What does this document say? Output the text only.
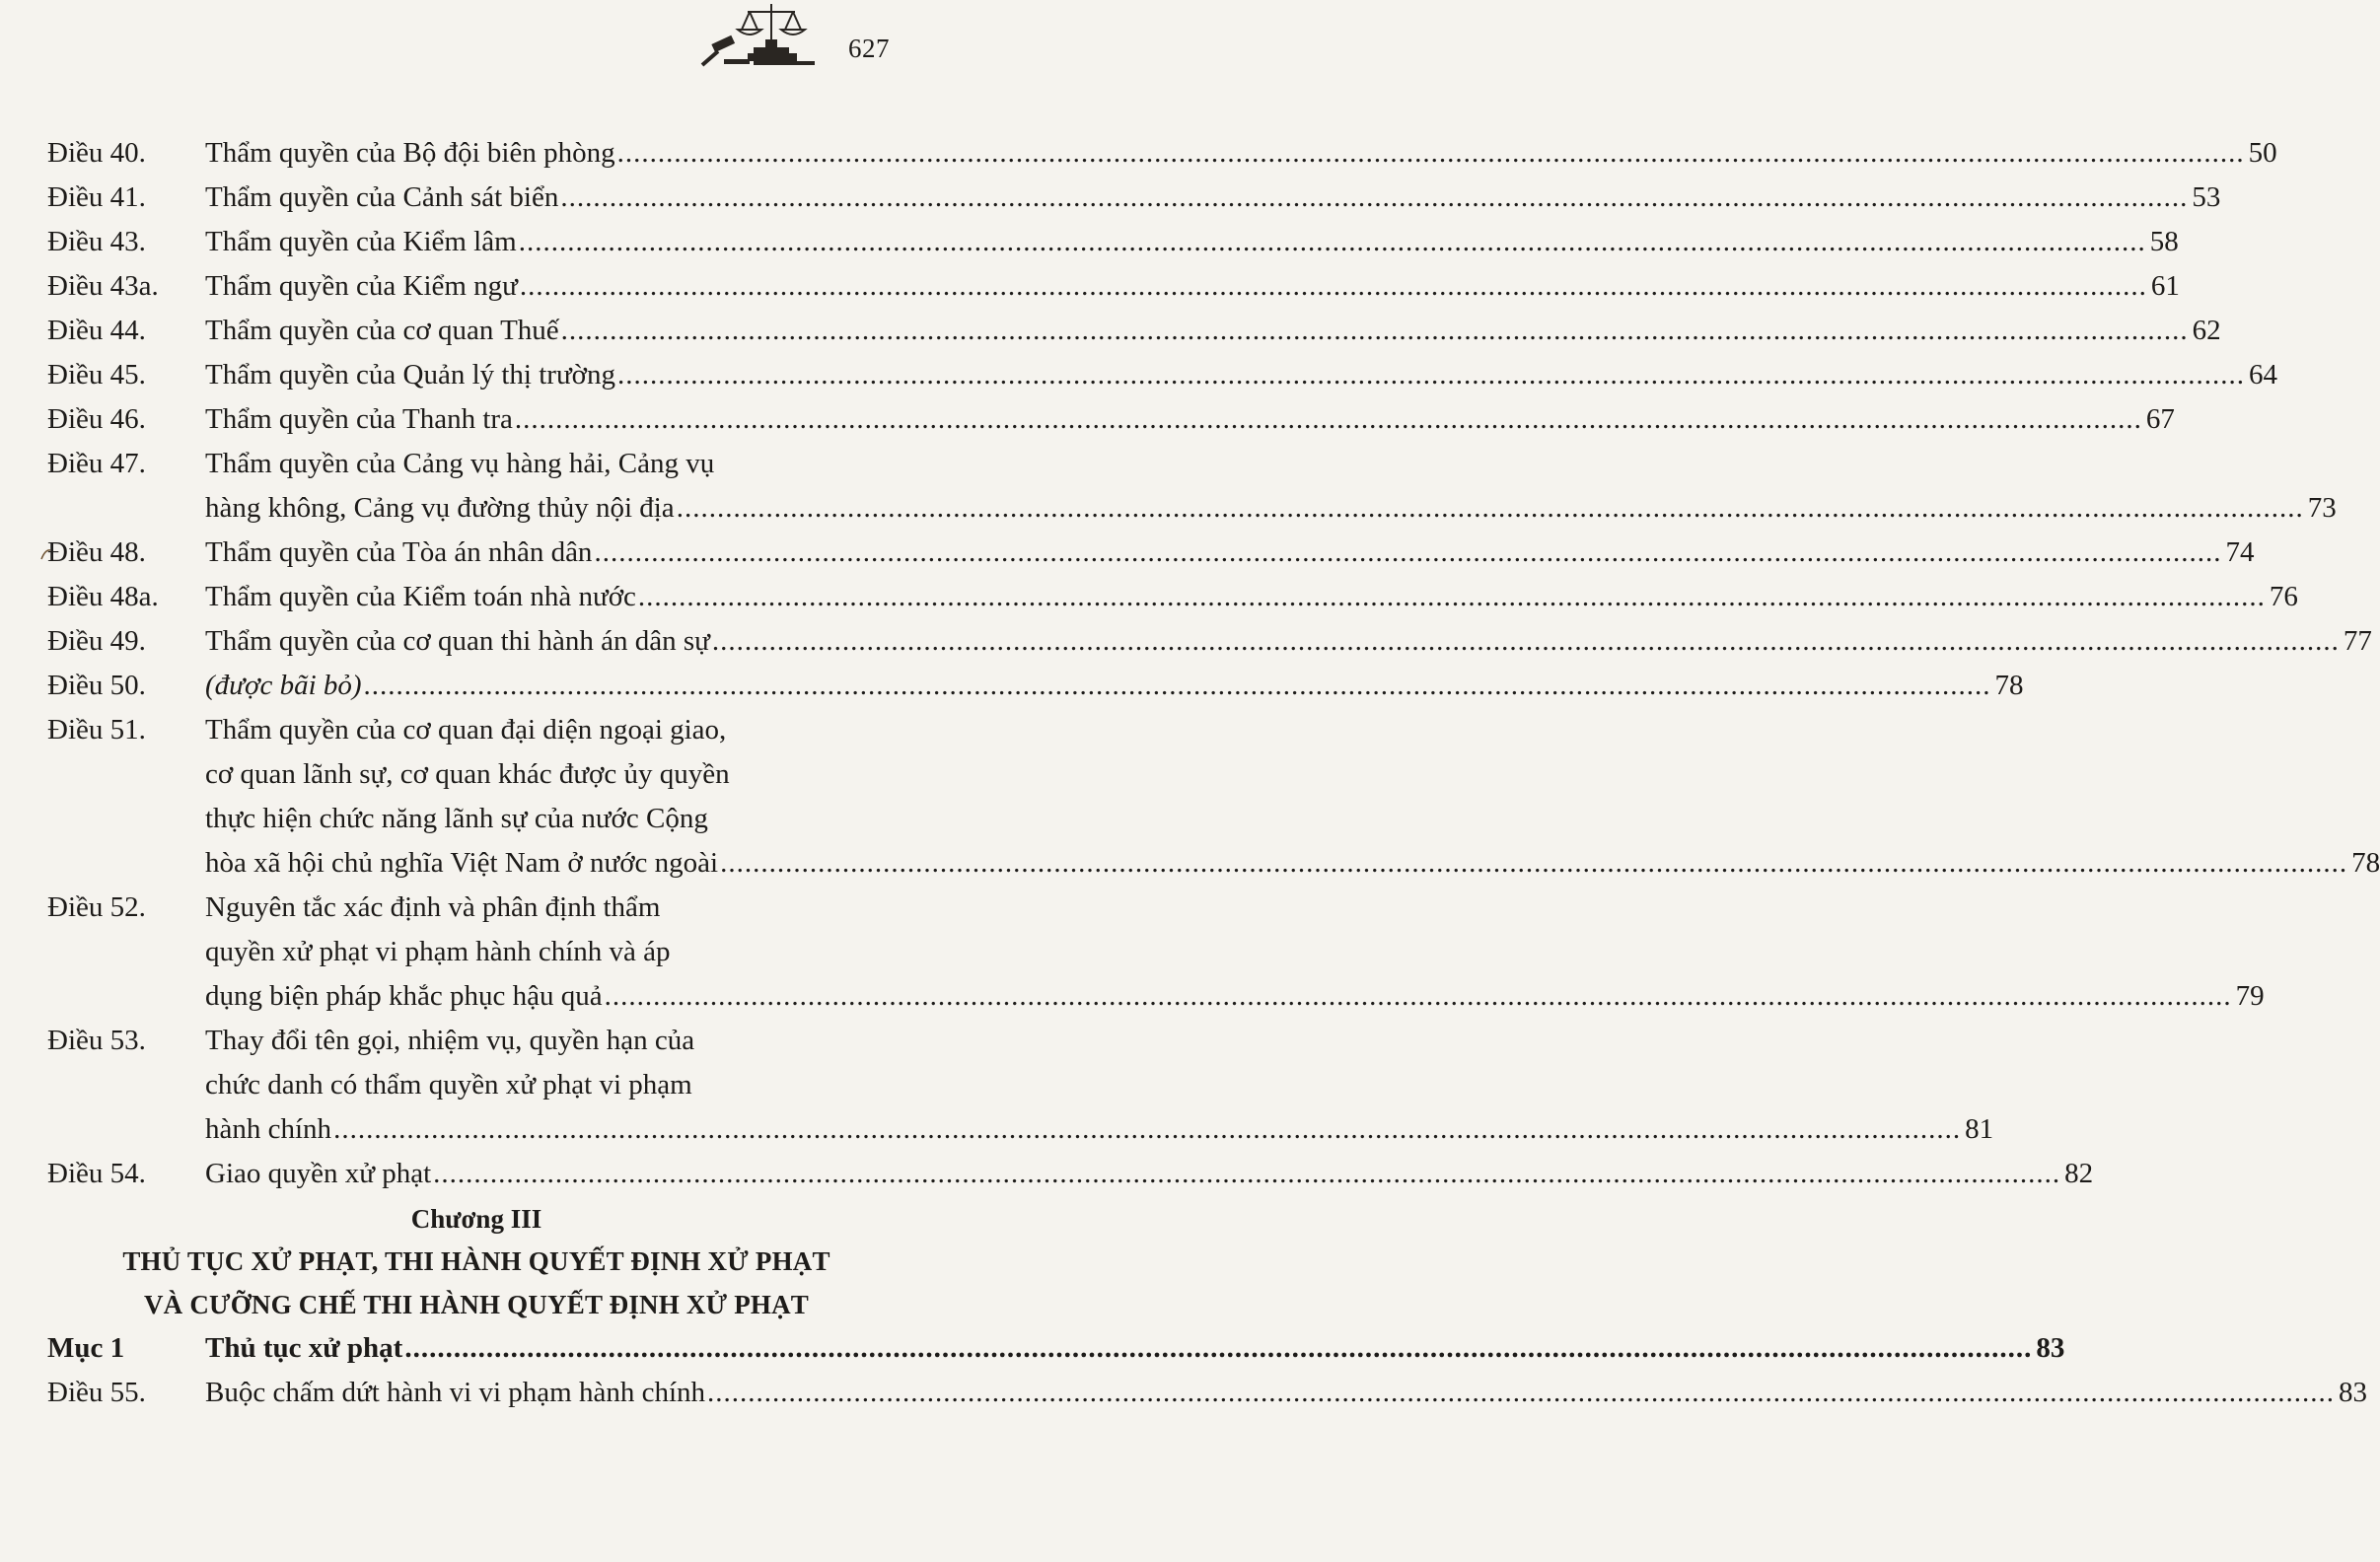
627
Điều 40.	Thẩm quyền của Bộ đội biên phòng ........................................................................................................................................................................................................ 50
Điều 41.	Thẩm quyền của Cảnh sát biển ........................................................................................................................................................................................................ 53
Điều 43.	Thẩm quyền của Kiểm lâm ........................................................................................................................................................................................................ 58
Điều 43a.	Thẩm quyền của Kiểm ngư ........................................................................................................................................................................................................ 61
Điều 44.	Thẩm quyền của cơ quan Thuế ........................................................................................................................................................................................................ 62
Điều 45.	Thẩm quyền của Quản lý thị trường ........................................................................................................................................................................................................ 64
Điều 46.	Thẩm quyền của Thanh tra ........................................................................................................................................................................................................ 67
Điều 47.	Thẩm quyền của Cảng vụ hàng hải, Cảng vụ
hàng không, Cảng vụ đường thủy nội địa ........................................................................................................................................................................................................ 73
Điều 48.	Thẩm quyền của Tòa án nhân dân ........................................................................................................................................................................................................ 74
Điều 48a.	Thẩm quyền của Kiểm toán nhà nước ........................................................................................................................................................................................................ 76
Điều 49.	Thẩm quyền của cơ quan thi hành án dân sự ........................................................................................................................................................................................................ 77
Điều 50.	(được bãi bỏ) ........................................................................................................................................................................................................ 78
Điều 51.	Thẩm quyền của cơ quan đại diện ngoại giao,
cơ quan lãnh sự, cơ quan khác được ủy quyền
thực hiện chức năng lãnh sự của nước Cộng
hòa xã hội chủ nghĩa Việt Nam ở nước ngoài ........................................................................................................................................................................................................ 78
Điều 52.	Nguyên tắc xác định và phân định thẩm
quyền xử phạt vi phạm hành chính và áp
dụng biện pháp khắc phục hậu quả ........................................................................................................................................................................................................ 79
Điều 53.	Thay đổi tên gọi, nhiệm vụ, quyền hạn của
chức danh có thẩm quyền xử phạt vi phạm
hành chính ........................................................................................................................................................................................................ 81
Điều 54.	Giao quyền xử phạt ........................................................................................................................................................................................................ 82
Chương III
THỦ TỤC XỬ PHẠT, THI HÀNH QUYẾT ĐỊNH XỬ PHẠT
VÀ CƯỠNG CHẾ THI HÀNH QUYẾT ĐỊNH XỬ PHẠT
Mục 1	Thủ tục xử phạt ........................................................................................................................................................................................................ 83
Điều 55.	Buộc chấm dứt hành vi vi phạm hành chính ........................................................................................................................................................................................................ 83
